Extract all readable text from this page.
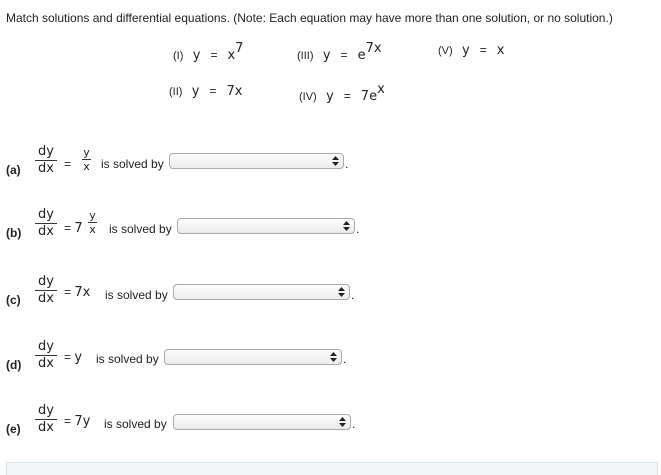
Match solutions and differential equations. (Note: Each equation may have more than one solution, or no solution.)
(I) $y = x^7$	(III) $y = e^{7x}$	(V) y = x
(II) y = 7x	(IV) $y = 7e^x$
(a)
dy
dx =
y
x is solved by	.
(b)
dy
dx = 7
y
x is solved by	.
(c)
dy
dx = 7x is solved by	.
(d)
dy
dx = y is solved by	.
(e)
dy
dx = 7y is solved by	.
